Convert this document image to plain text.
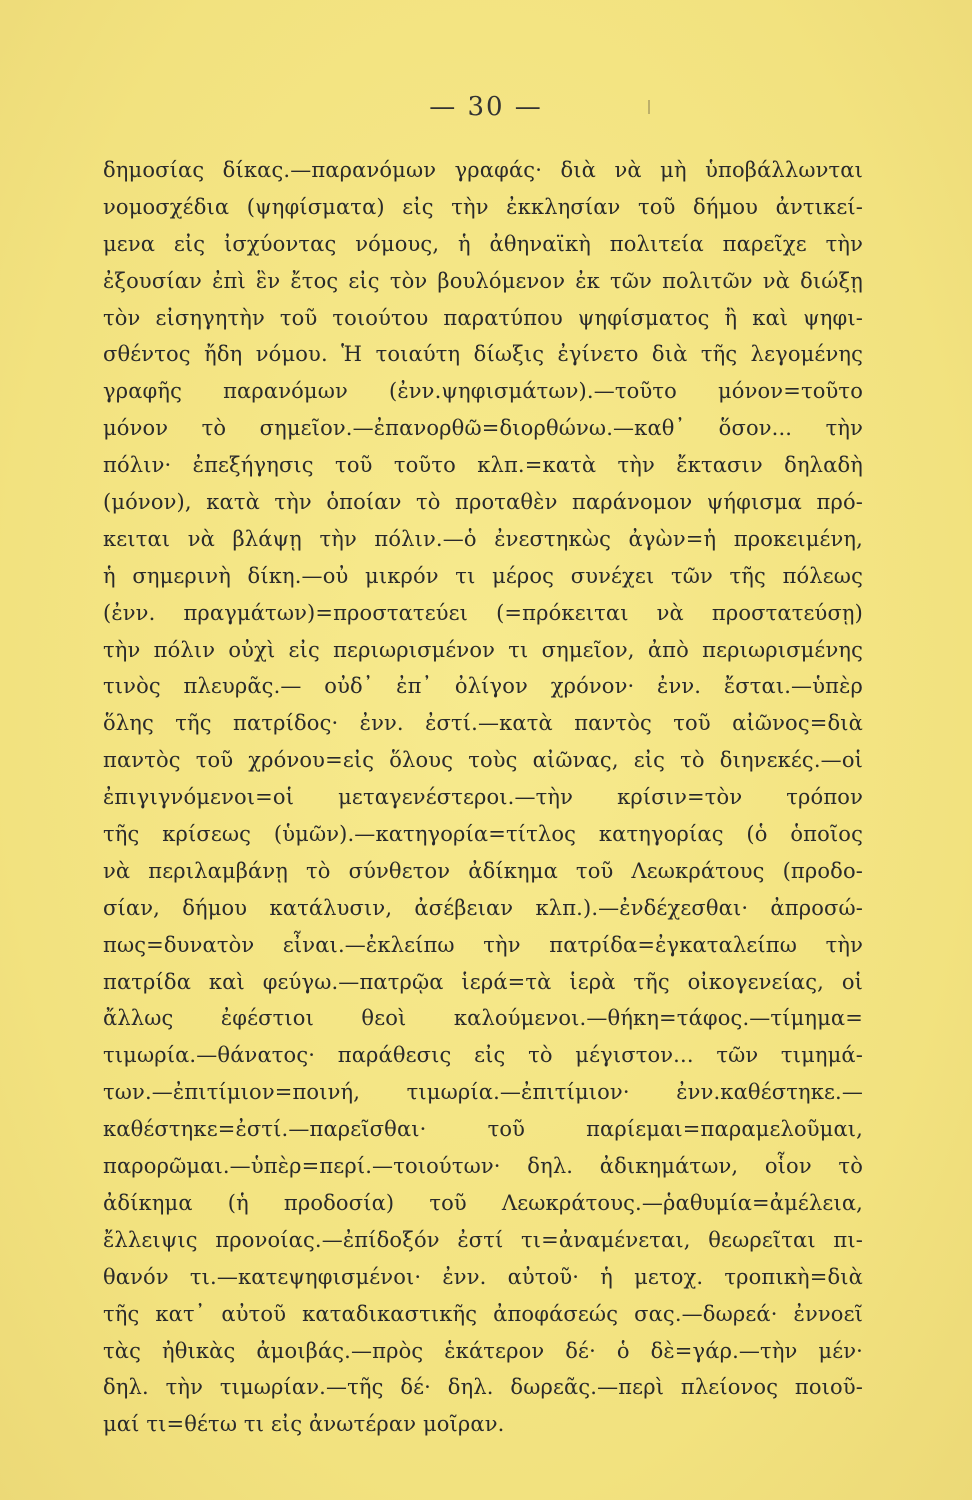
— 30 —
δημοσίας δίκας.—παρανόμων γραφάς· διὰ νὰ μὴ ὑποβάλλωνται
νομοσχέδια (ψηφίσματα) εἰς τὴν ἐκκλησίαν τοῦ δήμου ἀντικεί-
μενα εἰς ἰσχύοντας νόμους, ἡ ἀθηναϊκὴ πολιτεία παρεῖχε τὴν
ἐξουσίαν ἐπὶ ἓν ἔτος εἰς τὸν βουλόμενον ἐκ τῶν πολιτῶν νὰ διώξῃ
τὸν εἰσηγητὴν τοῦ τοιούτου παρατύπου ψηφίσματος ἢ καὶ ψηφι-
σθέντος ἤδη νόμου. Ἡ τοιαύτη δίωξις ἐγίνετο διὰ τῆς λεγομένης
γραφῆς παρανόμων (ἐνν.ψηφισμάτων).—τοῦτο μόνον=τοῦτο
μόνον τὸ σημεῖον.—ἐπανορθῶ=διορθώνω.—καθ᾿ ὅσον... τὴν
πόλιν· ἐπεξήγησις τοῦ τοῦτο κλπ.=κατὰ τὴν ἔκτασιν δηλαδὴ
(μόνον), κατὰ τὴν ὁποίαν τὸ προταθὲν παράνομον ψήφισμα πρό-
κειται νὰ βλάψῃ τὴν πόλιν.—ὁ ἐνεστηκὼς ἀγὼν=ἡ προκειμένη,
ἡ σημερινὴ δίκη.—οὐ μικρόν τι μέρος συνέχει τῶν τῆς πόλεως
(ἐνν. πραγμάτων)=προστατεύει (=πρόκειται νὰ προστατεύσῃ)
τὴν πόλιν οὐχὶ εἰς περιωρισμένον τι σημεῖον, ἀπὸ περιωρισμένης
τινὸς πλευρᾶς.— οὐδ᾿ ἐπ᾿ ὀλίγον χρόνον· ἐνν. ἔσται.—ὑπὲρ
ὅλης τῆς πατρίδος· ἐνν. ἐστί.—κατὰ παντὸς τοῦ αἰῶνος=διὰ
παντὸς τοῦ χρόνου=εἰς ὅλους τοὺς αἰῶνας, εἰς τὸ διηνεκές.—οἱ
ἐπιγιγνόμενοι=οἱ μεταγενέστεροι.—τὴν κρίσιν=τὸν τρόπον
τῆς κρίσεως (ὑμῶν).—κατηγορία=τίτλος κατηγορίας (ὁ ὁποῖος
νὰ περιλαμβάνῃ τὸ σύνθετον ἀδίκημα τοῦ Λεωκράτους (προδο-
σίαν, δήμου κατάλυσιν, ἀσέβειαν κλπ.).—ἐνδέχεσθαι· ἀπροσώ-
πως=δυνατὸν εἶναι.—ἐκλείπω τὴν πατρίδα=ἐγκαταλείπω τὴν
πατρίδα καὶ φεύγω.—πατρῷα ἱερά=τὰ ἱερὰ τῆς οἰκογενείας, οἱ
ἄλλως ἐφέστιοι θεοὶ καλούμενοι.—θήκη=τάφος.—τίμημα=
τιμωρία.—θάνατος· παράθεσις εἰς τὸ μέγιστον... τῶν τιμημά-
των.—ἐπιτίμιον=ποινή, τιμωρία.—ἐπιτίμιον· ἐνν.καθέστηκε.—
καθέστηκε=ἐστί.—παρεῖσθαι· τοῦ παρίεμαι=παραμελοῦμαι,
παρορῶμαι.—ὑπὲρ=περί.—τοιούτων· δηλ. ἀδικημάτων, οἷον τὸ
ἀδίκημα (ἡ προδοσία) τοῦ Λεωκράτους.—ῥαθυμία=ἀμέλεια,
ἔλλειψις προνοίας.—ἐπίδοξόν ἐστί τι=ἀναμένεται, θεωρεῖται πι-
θανόν τι.—κατεψηφισμένοι· ἐνν. αὐτοῦ· ἡ μετοχ. τροπικὴ=διὰ
τῆς κατ᾿ αὐτοῦ καταδικαστικῆς ἀποφάσεώς σας.—δωρεά· ἐννοεῖ
τὰς ἠθικὰς ἀμοιβάς.—πρὸς ἑκάτερον δέ· ὁ δὲ=γάρ.—τὴν μέν·
δηλ. τὴν τιμωρίαν.—τῆς δέ· δηλ. δωρεᾶς.—περὶ πλείονος ποιοῦ-
μαί τι=θέτω τι εἰς ἀνωτέραν μοῖραν.
